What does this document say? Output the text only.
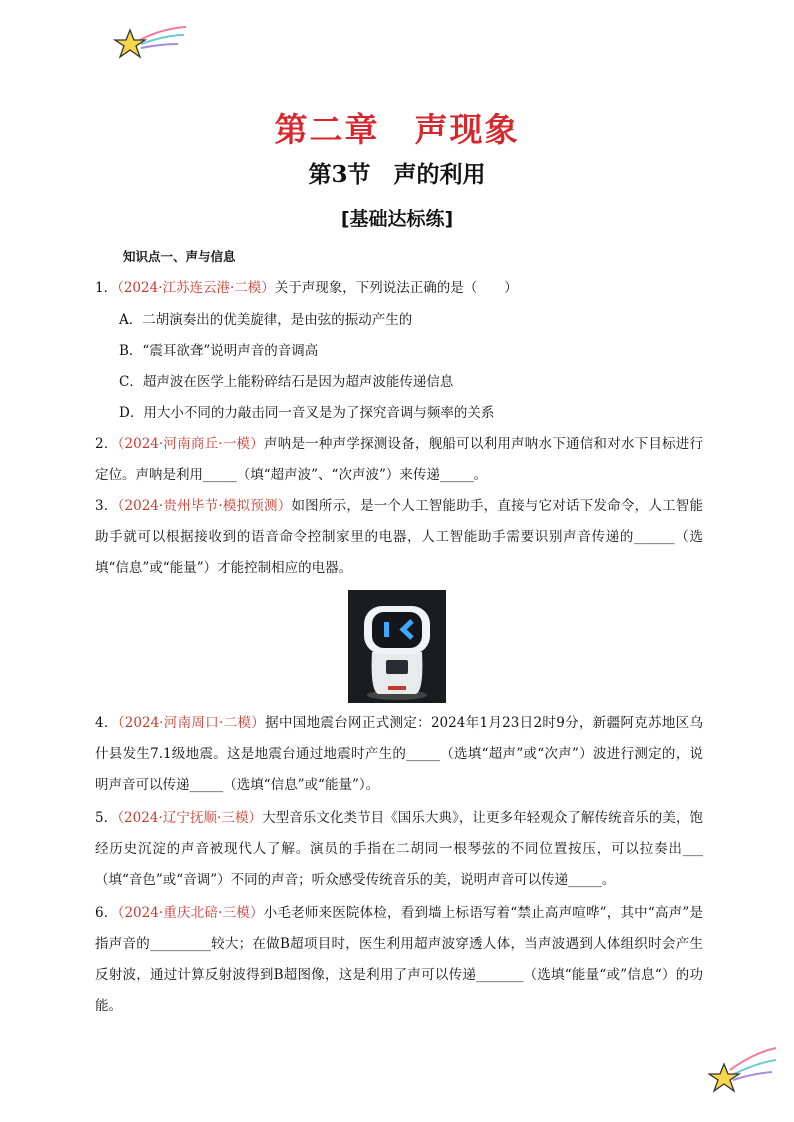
第二章　声现象
第3节　声的利用
[基础达标练]
知识点一、声与信息
1．（2024·江苏连云港·二模）关于声现象，下列说法正确的是（　　）
A．二胡演奏出的优美旋律，是由弦的振动产生的
B．“震耳欲聋”说明声音的音调高
C．超声波在医学上能粉碎结石是因为超声波能传递信息
D．用大小不同的力敲击同一音叉是为了探究音调与频率的关系
2．（2024·河南商丘·一模）声呐是一种声学探测设备，舰船可以利用声呐水下通信和对水下目标进行定位。声呐是利用_____（填“超声波”、“次声波”）来传递_____。
3．（2024·贵州毕节·模拟预测）如图所示，是一个人工智能助手，直接与它对话下发命令，人工智能助手就可以根据接收到的语音命令控制家里的电器，人工智能助手需要识别声音传递的______（选填“信息”或“能量”）才能控制相应的电器。
4．（2024·河南周口·二模）据中国地震台网正式测定：2024年1月23日2时9分，新疆阿克苏地区乌什县发生7.1级地震。这是地震台通过地震时产生的_____（选填“超声”或“次声”）波进行测定的，说明声音可以传递_____（选填“信息”或“能量”）。
5．（2024·辽宁抚顺·三模）大型音乐文化类节目《国乐大典》，让更多年轻观众了解传统音乐的美，饱经历史沉淀的声音被现代人了解。演员的手指在二胡同一根琴弦的不同位置按压，可以拉奏出___（填“音色”或“音调”）不同的声音；听众感受传统音乐的美，说明声音可以传递_____。
6．（2024·重庆北碚·三模）小毛老师来医院体检，看到墙上标语写着“禁止高声喧哗”，其中“高声”是指声音的_________较大；在做B超项目时，医生利用超声波穿透人体，当声波遇到人体组织时会产生反射波，通过计算反射波得到B超图像，这是利用了声可以传递_______（选填“能量“或”信息“）的功能。
